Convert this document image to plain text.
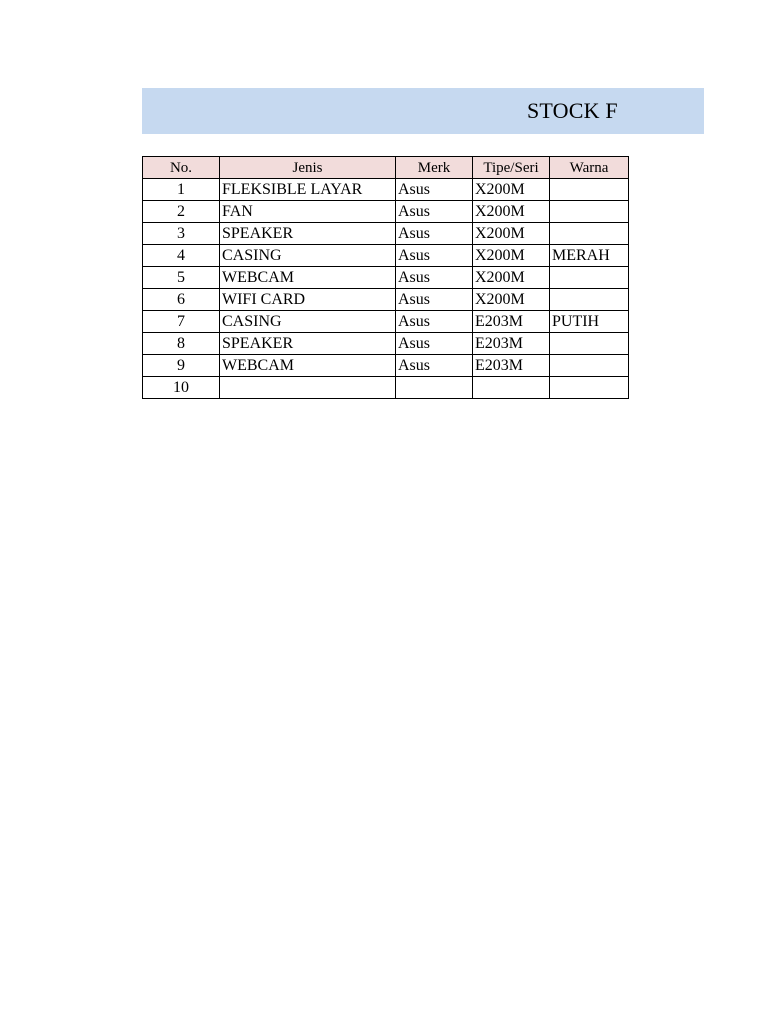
STOCK F
No.	Jenis	Merk	Tipe/Seri	Warna
1	FLEKSIBLE LAYAR	Asus	X200M	
2	FAN	Asus	X200M	
3	SPEAKER	Asus	X200M	
4	CASING	Asus	X200M	MERAH
5	WEBCAM	Asus	X200M	
6	WIFI CARD	Asus	X200M	
7	CASING	Asus	E203M	PUTIH
8	SPEAKER	Asus	E203M	
9	WEBCAM	Asus	E203M	
10				
